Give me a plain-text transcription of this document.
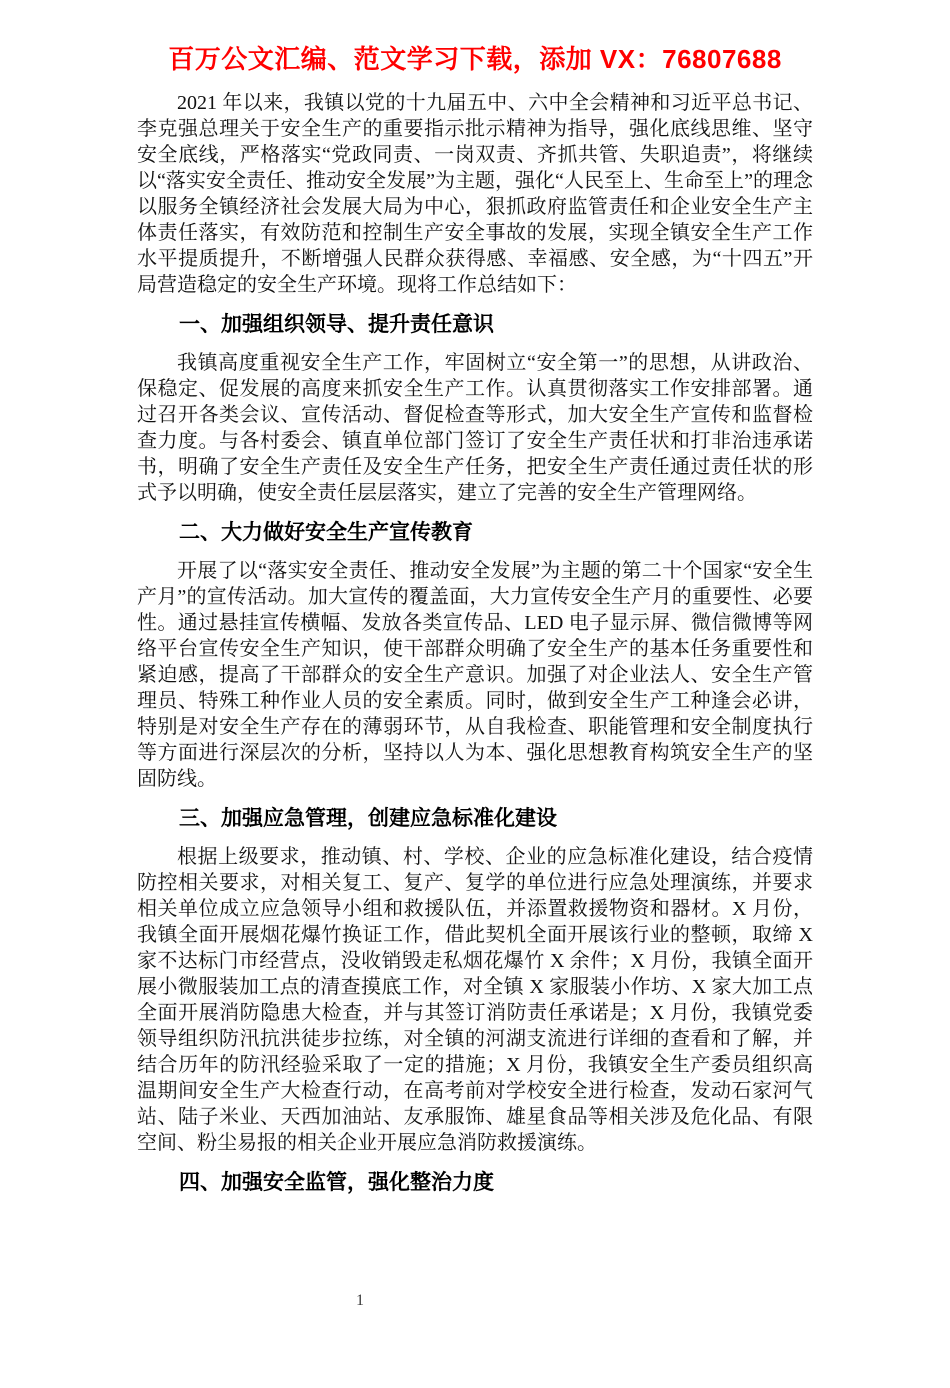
百万公文汇编、范文学习下载，添加 VX：76807688

2021 年以来，我镇以党的十九届五中、六中全会精神和习近平总书记、李克强总理关于安全生产的重要指示批示精神为指导，强化底线思维、坚守安全底线，严格落实“党政同责、一岗双责、齐抓共管、失职追责”，将继续以“落实安全责任、推动安全发展”为主题，强化“人民至上、生命至上”的理念以服务全镇经济社会发展大局为中心，狠抓政府监管责任和企业安全生产主体责任落实，有效防范和控制生产安全事故的发展，实现全镇安全生产工作水平提质提升，不断增强人民群众获得感、幸福感、安全感，为“十四五”开局营造稳定的安全生产环境。现将工作总结如下：

一、加强组织领导、提升责任意识

我镇高度重视安全生产工作，牢固树立“安全第一”的思想，从讲政治、保稳定、促发展的高度来抓安全生产工作。认真贯彻落实工作安排部署。通过召开各类会议、宣传活动、督促检查等形式，加大安全生产宣传和监督检查力度。与各村委会、镇直单位部门签订了安全生产责任状和打非治违承诺书，明确了安全生产责任及安全生产任务，把安全生产责任通过责任状的形式予以明确，使安全责任层层落实，建立了完善的安全生产管理网络。

二、大力做好安全生产宣传教育

开展了以“落实安全责任、推动安全发展”为主题的第二十个国家“安全生产月”的宣传活动。加大宣传的覆盖面，大力宣传安全生产月的重要性、必要性。通过悬挂宣传横幅、发放各类宣传品、LED 电子显示屏、微信微博等网络平台宣传安全生产知识，使干部群众明确了安全生产的基本任务重要性和紧迫感，提高了干部群众的安全生产意识。加强了对企业法人、安全生产管理员、特殊工种作业人员的安全素质。同时，做到安全生产工种逢会必讲，特别是对安全生产存在的薄弱环节，从自我检查、职能管理和安全制度执行等方面进行深层次的分析，坚持以人为本、强化思想教育构筑安全生产的坚固防线。

三、加强应急管理，创建应急标准化建设

根据上级要求，推动镇、村、学校、企业的应急标准化建设，结合疫情防控相关要求，对相关复工、复产、复学的单位进行应急处理演练，并要求相关单位成立应急领导小组和救援队伍，并添置救援物资和器材。X 月份，我镇全面开展烟花爆竹换证工作，借此契机全面开展该行业的整顿，取缔 X 家不达标门市经营点，没收销毁走私烟花爆竹 X 余件；X 月份，我镇全面开展小微服装加工点的清查摸底工作，对全镇 X 家服装小作坊、X 家大加工点全面开展消防隐患大检查，并与其签订消防责任承诺是；X 月份，我镇党委领导组织防汛抗洪徒步拉练，对全镇的河湖支流进行详细的查看和了解，并结合历年的防汛经验采取了一定的措施；X 月份，我镇安全生产委员组织高温期间安全生产大检查行动，在高考前对学校安全进行检查，发动石家河气站、陆子米业、天西加油站、友承服饰、雄星食品等相关涉及危化品、有限空间、粉尘易报的相关企业开展应急消防救援演练。

四、加强安全监管，强化整治力度
1
